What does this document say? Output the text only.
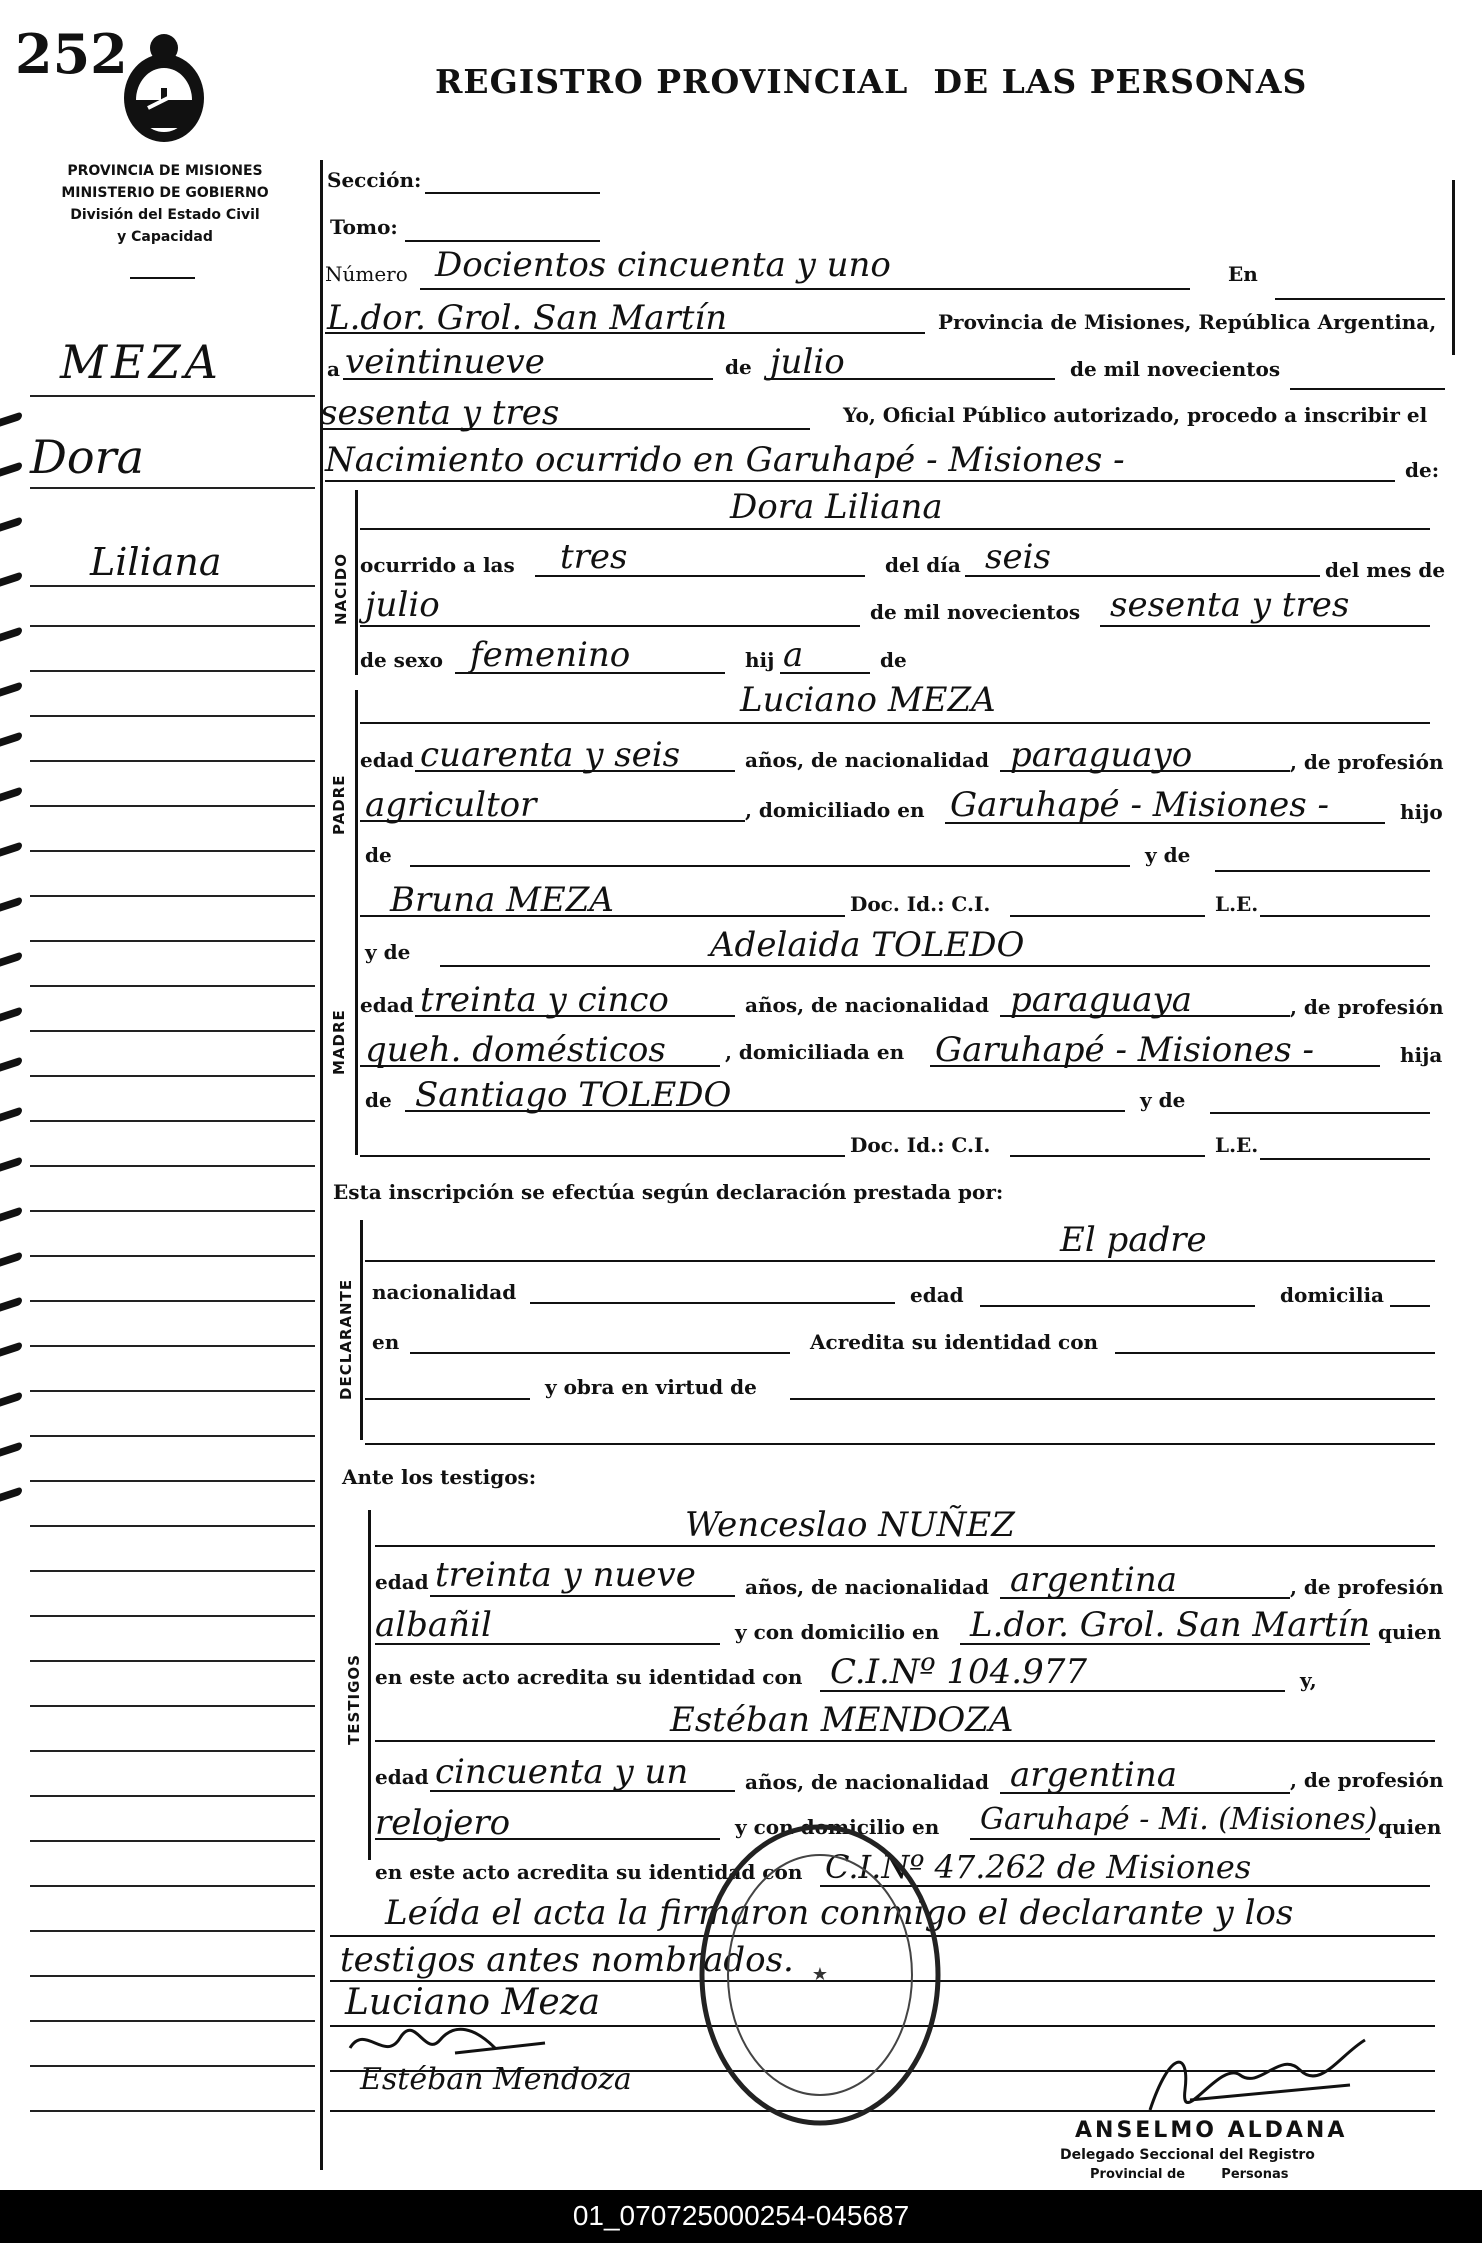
252	REGISTRO PROVINCIAL  DE LAS PERSONAS
PROVINCIA DE MISIONES
MINISTERIO DE GOBIERNO
División del Estado Civil
y Capacidad
MEZA
Dora
Liliana
Sección:
Tomo:
Número Docientos cincuenta y uno	En
L.dor. Grol. San Martín	Provincia de Misiones, República Argentina,
a veintinueve	de julio	de mil novecientos
sesenta y tres	Yo, Oficial Público autorizado, procedo a inscribir el
Nacimiento ocurrido en Garuhapé - Misiones -	de:
NACIDO
Dora Liliana
ocurrido a las tres	del día seis	del mes de
julio	de mil novecientos sesenta y tres
de sexo femenino	hij a	de
PADRE
Luciano MEZA
edad cuarenta y seis	años, de nacionalidad paraguayo	, de profesión
agricultor	, domiciliado en Garuhapé - Misiones -	hijo
de	y de
Bruna MEZA	Doc. Id.: C.I.	L.E.
MADRE
y de	Adelaida TOLEDO
edad treinta y cinco	años, de nacionalidad paraguaya	, de profesión
queh. domésticos	, domiciliada en Garuhapé - Misiones -	hija
de Santiago TOLEDO	y de
Doc. Id.: C.I.	L.E.
Esta inscripción se efectúa según declaración prestada por:
DECLARANTE
El padre
nacionalidad	edad	domicilia
en	Acredita su identidad con
y obra en virtud de
Ante los testigos:
TESTIGOS
Wenceslao NUÑEZ
edad treinta y nueve años, de nacionalidad argentina	, de profesión
albañil	y con domicilio en L.dor. Grol. San Martín quien
en este acto acredita su identidad con C.I.Nº 104.977	y,
Estéban MENDOZA
edad cincuenta y un	años, de nacionalidad argentina	, de profesión
relojero	y con domicilio en Garuhapé - Mi. (Misiones) quien
en este acto acredita su identidad con C.I.Nº 47.262 de Misiones
Leída el acta la firmaron conmigo el declarante y los
testigos antes nombrados.
Luciano Meza
Estéban Mendoza
★
ANSELMO ALDANA
Delegado Seccional del Registro
Provincial de        Personas
01_070725000254-045687
